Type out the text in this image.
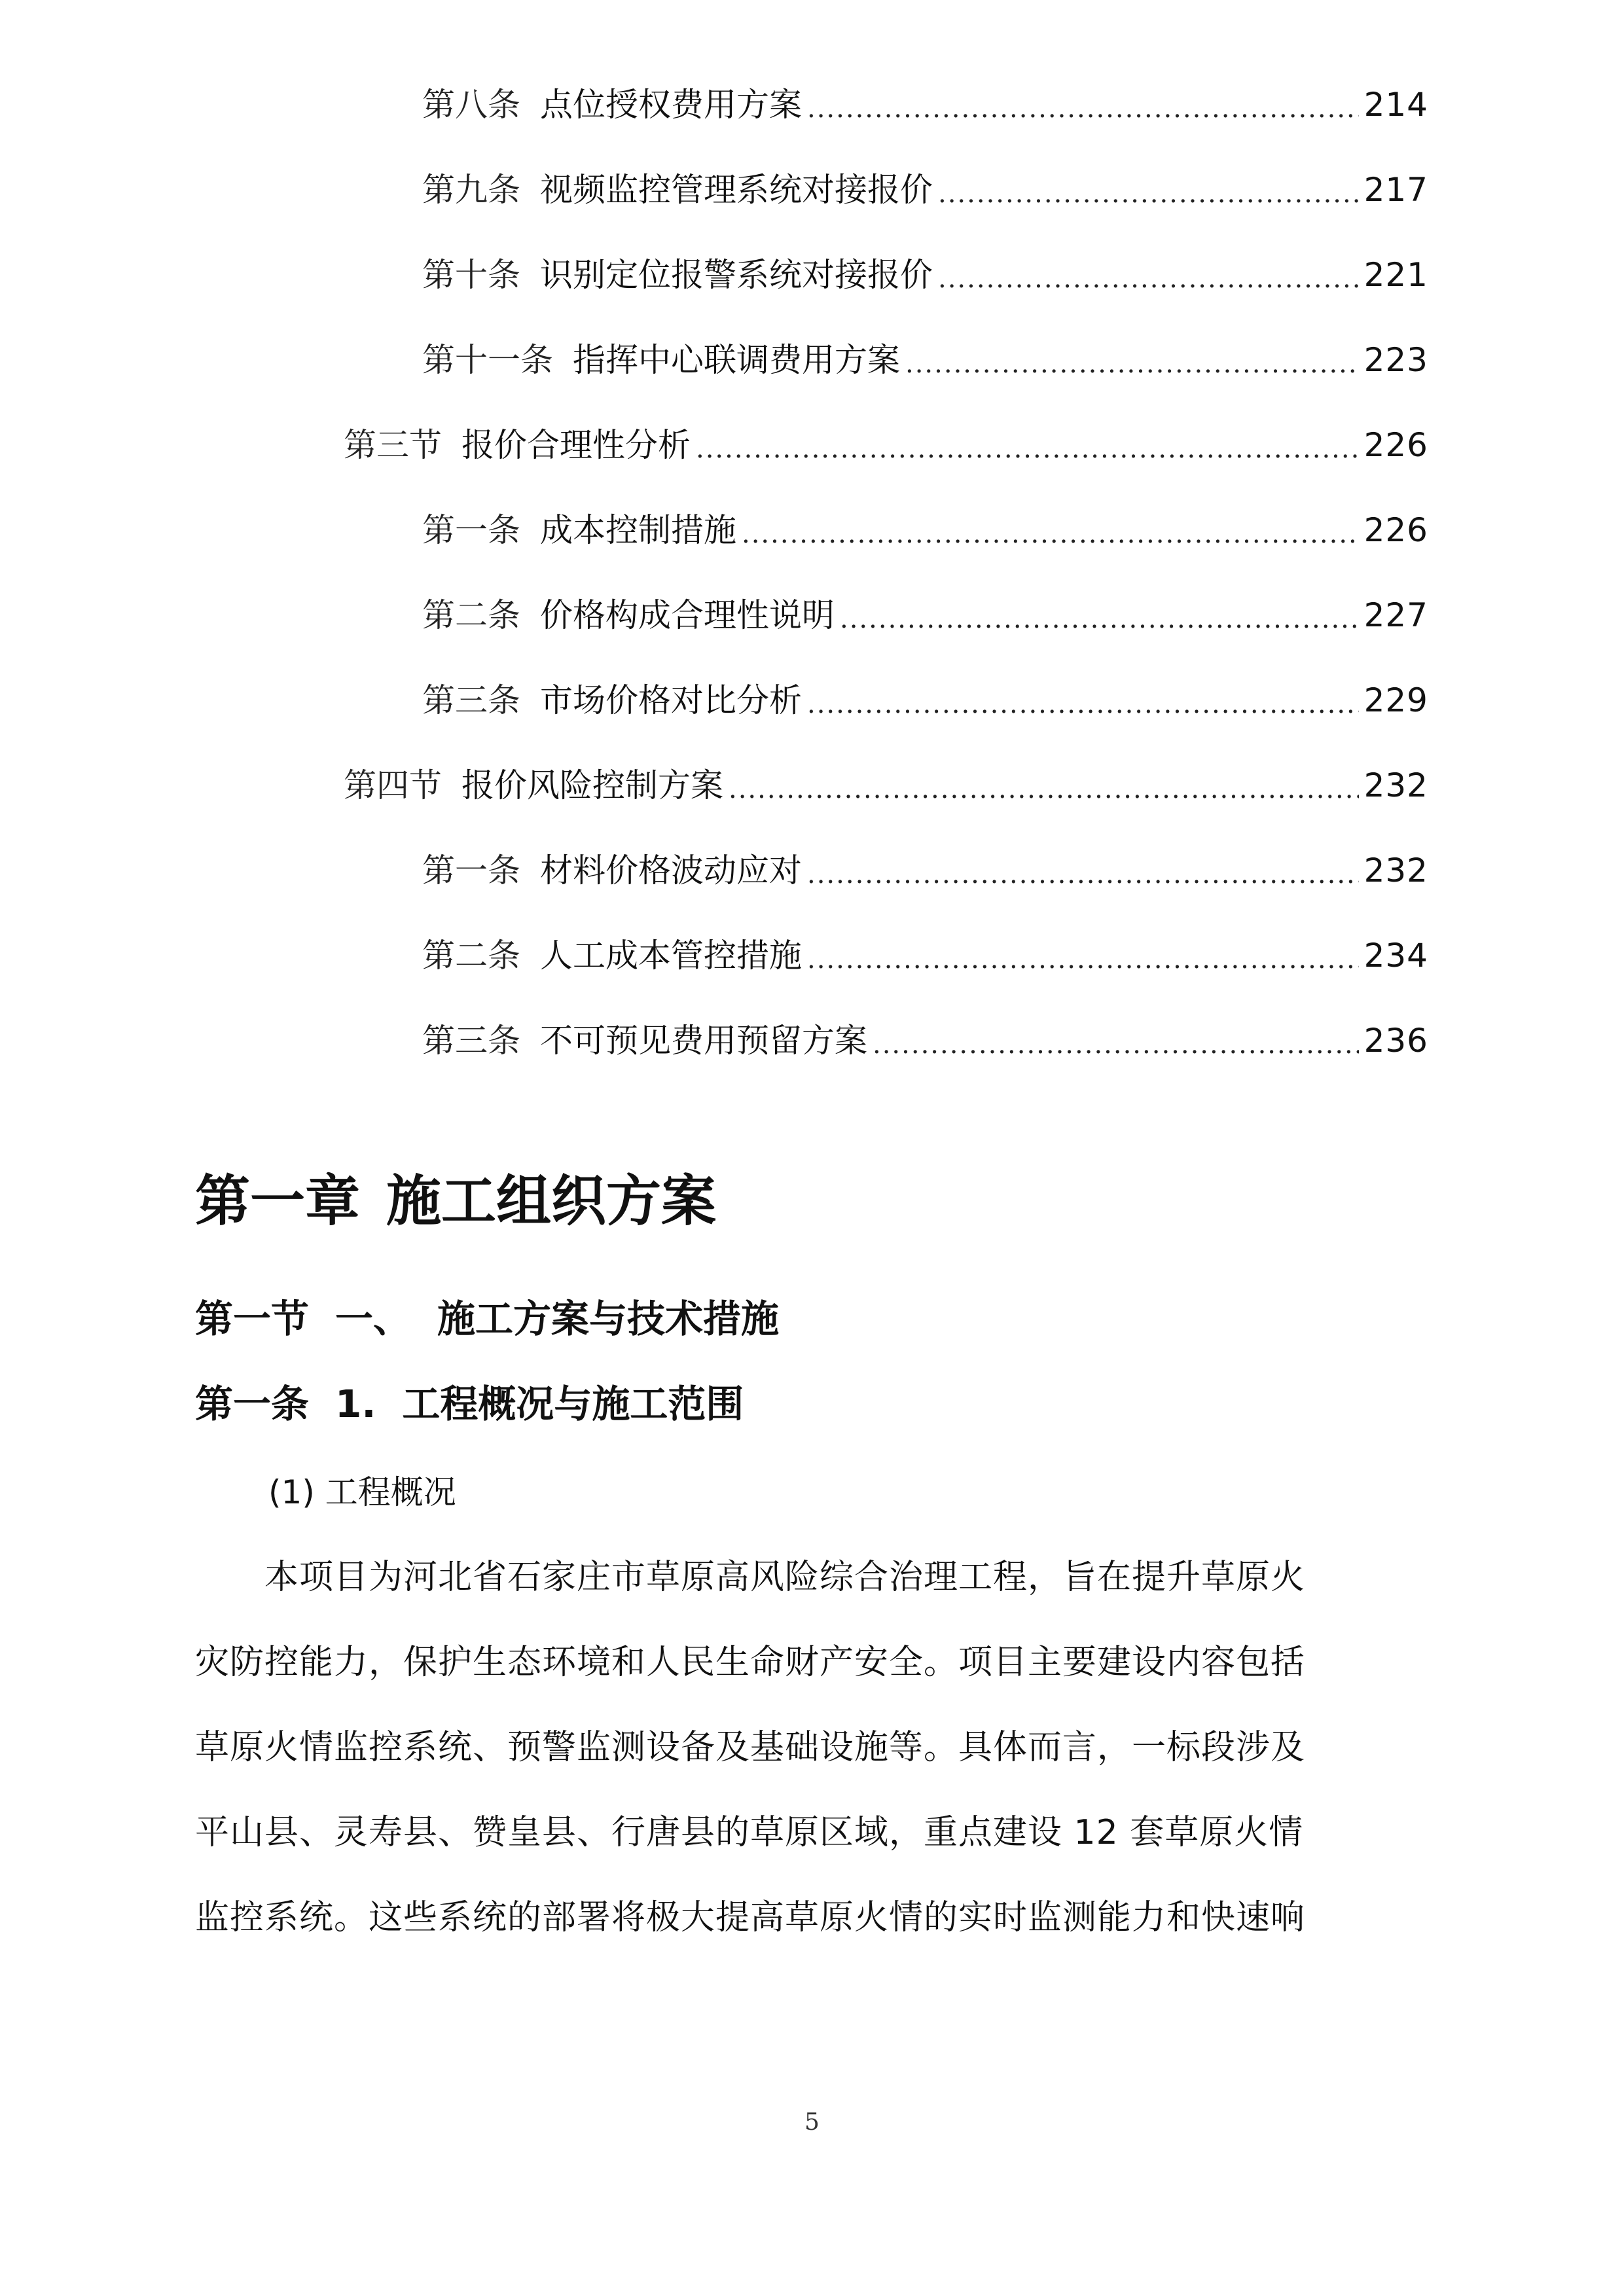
第八条 点位授权费用方案 .....	214
第九条 视频监控管理系统对接报价 .....	217
第十条 识别定位报警系统对接报价 .....	221
第十一条 指挥中心联调费用方案 .....	223
第三节 报价合理性分析 .....	226
第一条 成本控制措施 .....	226
第二条 价格构成合理性说明 .....	227
第三条 市场价格对比分析 .....	229
第四节 报价风险控制方案 .....	232
第一条 材料价格波动应对 .....	232
第二条 人工成本管控措施 .....	234
第三条 不可预见费用预留方案 .....	236
第一章 施工组织方案
第一节 一、 施工方案与技术措施
第一条 1. 工程概况与施工范围

(1) 工程概况

　　本项目为河北省石家庄市草原高风险综合治理工程，旨在提升草原火

灾防控能力，保护生态环境和人民生命财产安全。项目主要建设内容包括

草原火情监控系统、预警监测设备及基础设施等。具体而言，一标段涉及

平山县、灵寿县、赞皇县、行唐县的草原区域，重点建设 12 套草原火情

监控系统。这些系统的部署将极大提高草原火情的实时监测能力和快速响

5
